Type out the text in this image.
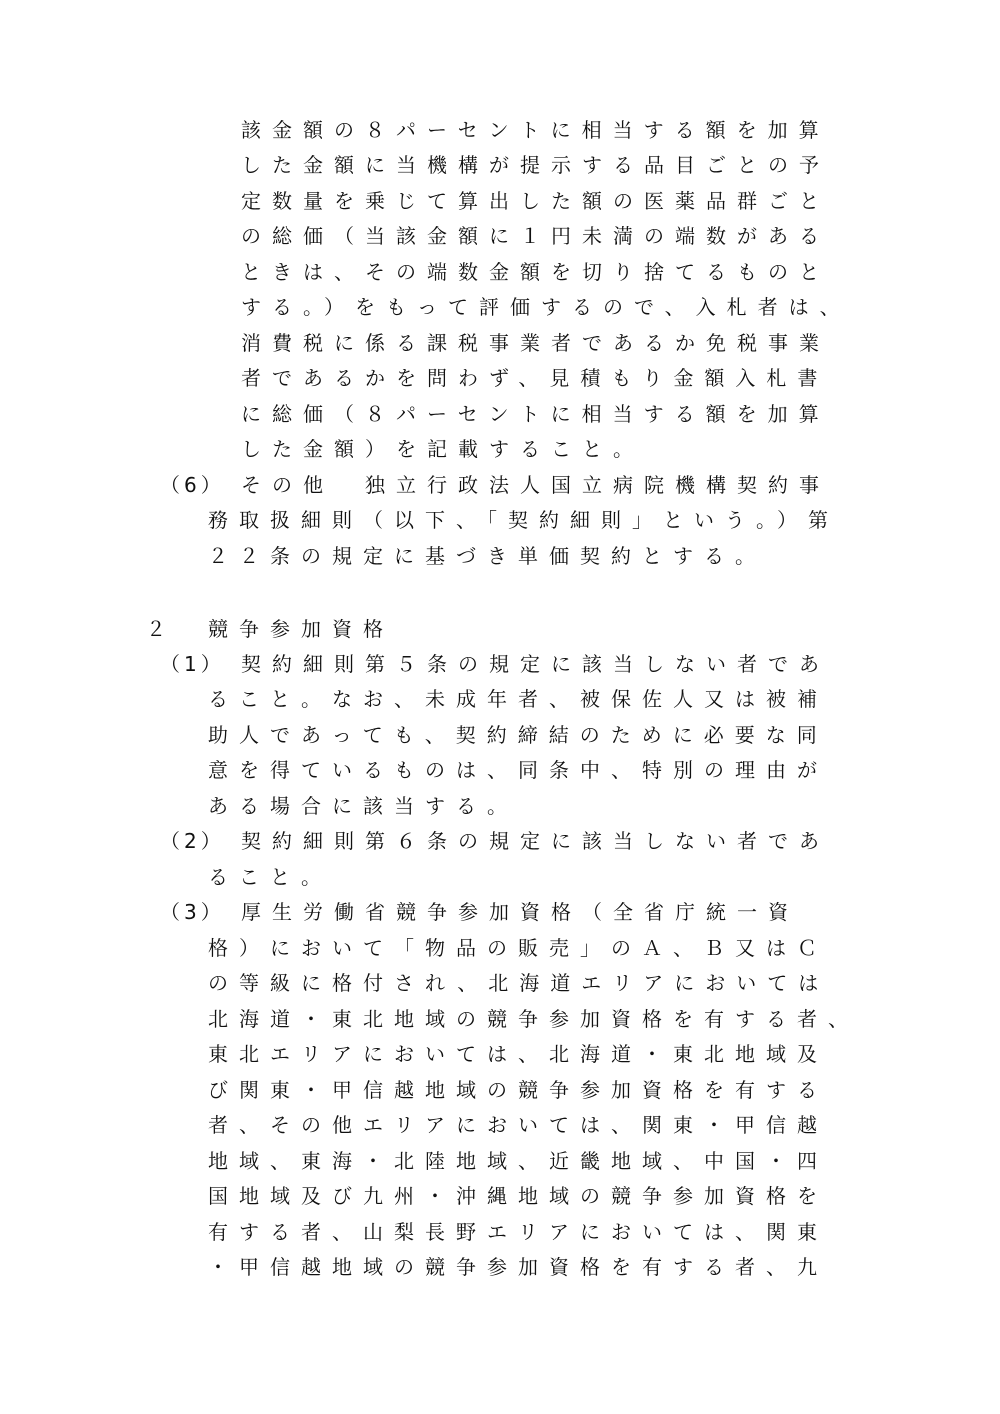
該金額の８パーセントに相当する額を加算
した金額に当機構が提示する品目ごとの予
定数量を乗じて算出した額の医薬品群ごと
の総価（当該金額に１円未満の端数がある
ときは、その端数金額を切り捨てるものと
する。）をもって評価するので、入札者は、
消費税に係る課税事業者であるか免税事業
者であるかを問わず、見積もり金額入札書
に総価（８パーセントに相当する額を加算
した金額）を記載すること。
（6） その他　独立行政法人国立病院機構契約事
務取扱細則（以下、「契約細則」という。）第
２２条の規定に基づき単価契約とする。
２ 競争参加資格
（1） 契約細則第５条の規定に該当しない者であ
ること。なお、未成年者、被保佐人又は被補
助人であっても、契約締結のために必要な同
意を得ているものは、同条中、特別の理由が
ある場合に該当する。
（2） 契約細則第６条の規定に該当しない者であ
ること。
（3） 厚生労働省競争参加資格（全省庁統一資
格）において「物品の販売」のＡ、Ｂ又はＣ
の等級に格付され、北海道エリアにおいては
北海道・東北地域の競争参加資格を有する者、
東北エリアにおいては、北海道・東北地域及
び関東・甲信越地域の競争参加資格を有する
者、その他エリアにおいては、関東・甲信越
地域、東海・北陸地域、近畿地域、中国・四
国地域及び九州・沖縄地域の競争参加資格を
有する者、山梨長野エリアにおいては、関東
・甲信越地域の競争参加資格を有する者、九
